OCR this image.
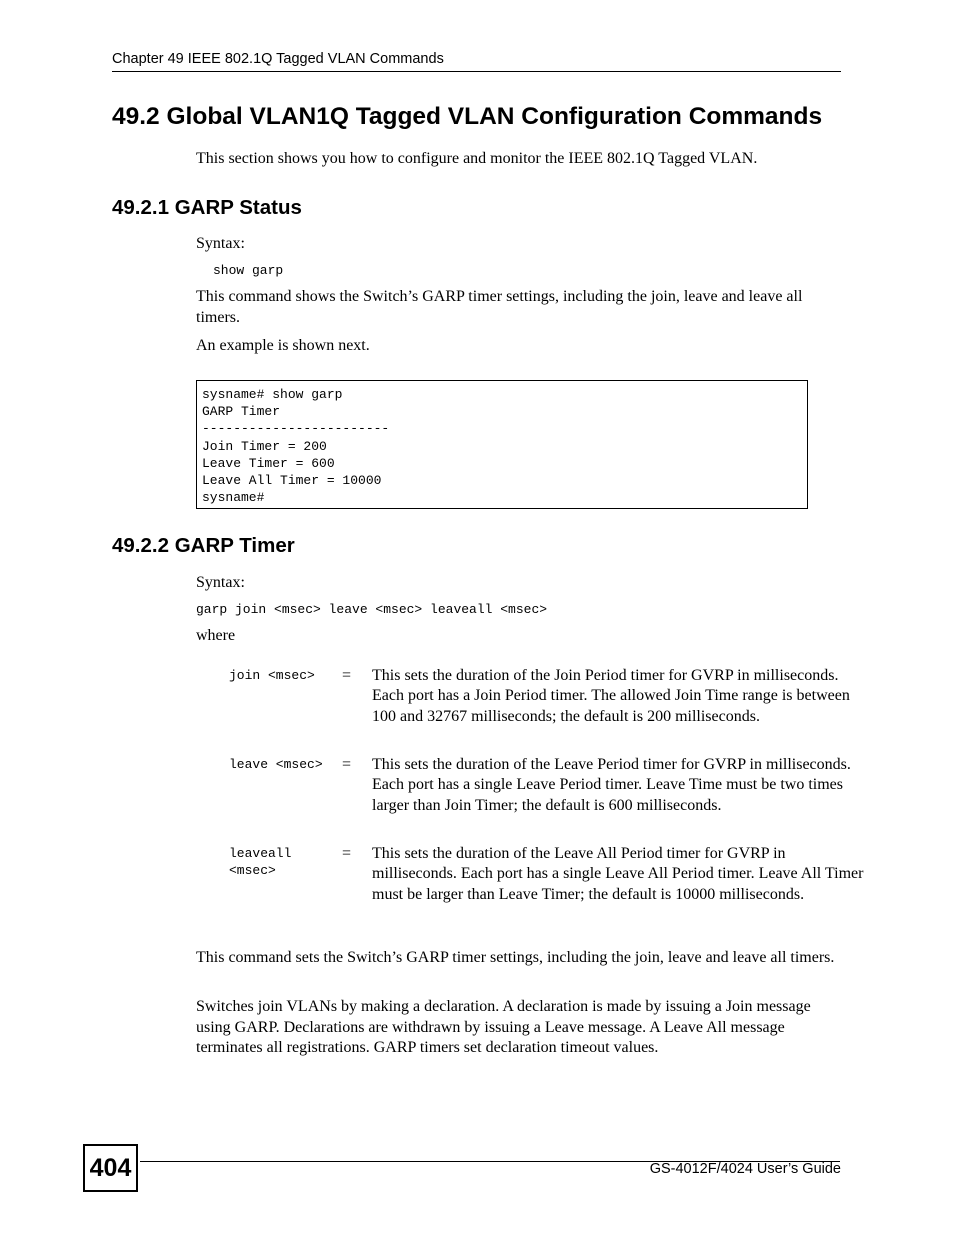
Chapter 49 IEEE 802.1Q Tagged VLAN Commands
49.2 Global VLAN1Q Tagged VLAN Configuration Commands
This section shows you how to configure and monitor the IEEE 802.1Q Tagged VLAN.
49.2.1 GARP Status
Syntax:
show garp
This command shows the Switch’s GARP timer settings, including the join, leave and leave all timers.
An example is shown next.
sysname# show garp
GARP Timer
------------------------
Join Timer = 200
Leave Timer = 600
Leave All Timer = 10000
sysname#
49.2.2 GARP Timer
Syntax:
garp join <msec> leave <msec> leaveall <msec>
where
join <msec>	= This sets the duration of the Join Period timer for GVRP in milliseconds. Each port has a Join Period timer. The allowed Join Time range is between 100 and 32767 milliseconds; the default is 200 milliseconds.
leave <msec>	= This sets the duration of the Leave Period timer for GVRP in milliseconds. Each port has a single Leave Period timer. Leave Time must be two times larger than Join Timer; the default is 600 milliseconds.
leaveall <msec>
= This sets the duration of the Leave All Period timer for GVRP in milliseconds. Each port has a single Leave All Period timer. Leave All Timer must be larger than Leave Timer; the default is 10000 milliseconds.
This command sets the Switch’s GARP timer settings, including the join, leave and leave all timers.
Switches join VLANs by making a declaration. A declaration is made by issuing a Join message using GARP. Declarations are withdrawn by issuing a Leave message. A Leave All message terminates all registrations. GARP timers set declaration timeout values.
404	GS-4012F/4024 User’s Guide
